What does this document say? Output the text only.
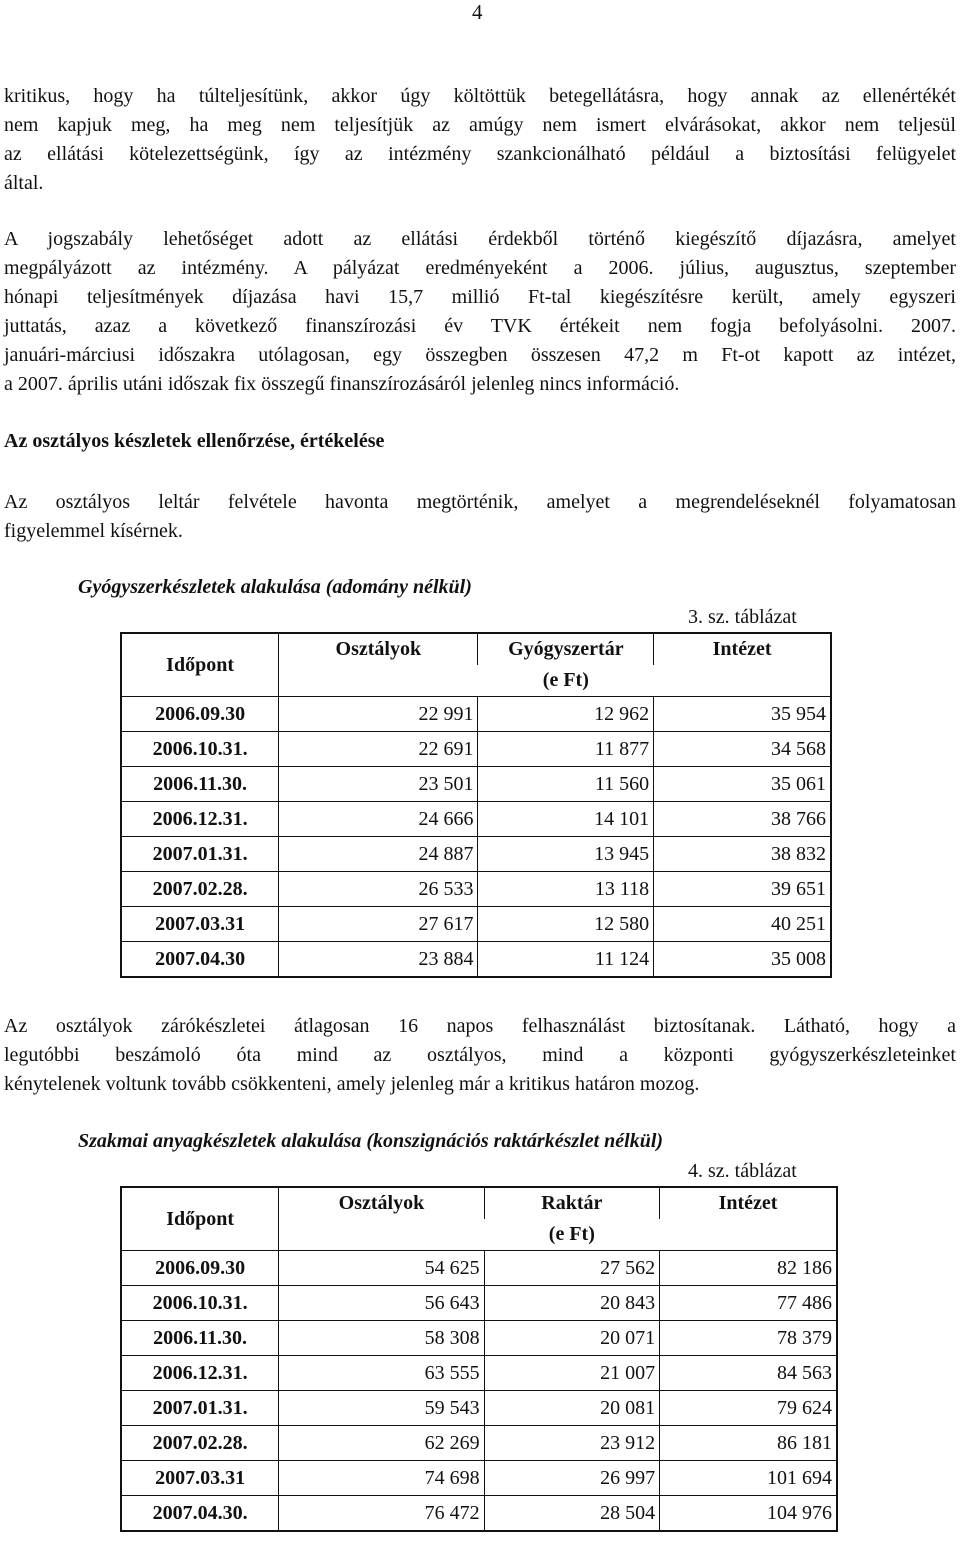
4

kritikus, hogy ha túlteljesítünk, akkor úgy költöttük betegellátásra, hogy annak az ellenértékét
nem kapjuk meg, ha meg nem teljesítjük az amúgy nem ismert elvárásokat, akkor nem teljesül
az ellátási kötelezettségünk, így az intézmény szankcionálható például a biztosítási felügyelet
által.

A jogszabály lehetőséget adott az ellátási érdekből történő kiegészítő díjazásra, amelyet
megpályázott az intézmény. A pályázat eredményeként a 2006. július, augusztus, szeptember
hónapi teljesítmények díjazása havi 15,7 millió Ft-tal kiegészítésre került, amely egyszeri
juttatás, azaz a következő finanszírozási év TVK értékeit nem fogja befolyásolni. 2007.
januári-márciusi időszakra utólagosan, egy összegben összesen 47,2 m Ft-ot kapott az intézet,
a 2007. április utáni időszak fix összegű finanszírozásáról jelenleg nincs információ.

Az osztályos készletek ellenőrzése, értékelése

Az osztályos leltár felvétele havonta megtörténik, amelyet a megrendeléseknél folyamatosan
figyelemmel kísérnek.

Gyógyszerkészletek alakulása (adomány nélkül)
3. sz. táblázat
Időpont	Osztályok	Gyógyszertár	Intézet
		(e Ft)	
2006.09.30	22 991	12 962	35 954
2006.10.31.	22 691	11 877	34 568
2006.11.30.	23 501	11 560	35 061
2006.12.31.	24 666	14 101	38 766
2007.01.31.	24 887	13 945	38 832
2007.02.28.	26 533	13 118	39 651
2007.03.31	27 617	12 580	40 251
2007.04.30	23 884	11 124	35 008

Az osztályok zárókészletei átlagosan 16 napos felhasználást biztosítanak. Látható, hogy a
legutóbbi beszámoló óta mind az osztályos, mind a központi gyógyszerkészleteinket
kénytelenek voltunk tovább csökkenteni, amely jelenleg már a kritikus határon mozog.

Szakmai anyagkészletek alakulása (konszignációs raktárkészlet nélkül)
4. sz. táblázat
Időpont	Osztályok	Raktár	Intézet
		(e Ft)	
2006.09.30	54 625	27 562	82 186
2006.10.31.	56 643	20 843	77 486
2006.11.30.	58 308	20 071	78 379
2006.12.31.	63 555	21 007	84 563
2007.01.31.	59 543	20 081	79 624
2007.02.28.	62 269	23 912	86 181
2007.03.31	74 698	26 997	101 694
2007.04.30.	76 472	28 504	104 976
